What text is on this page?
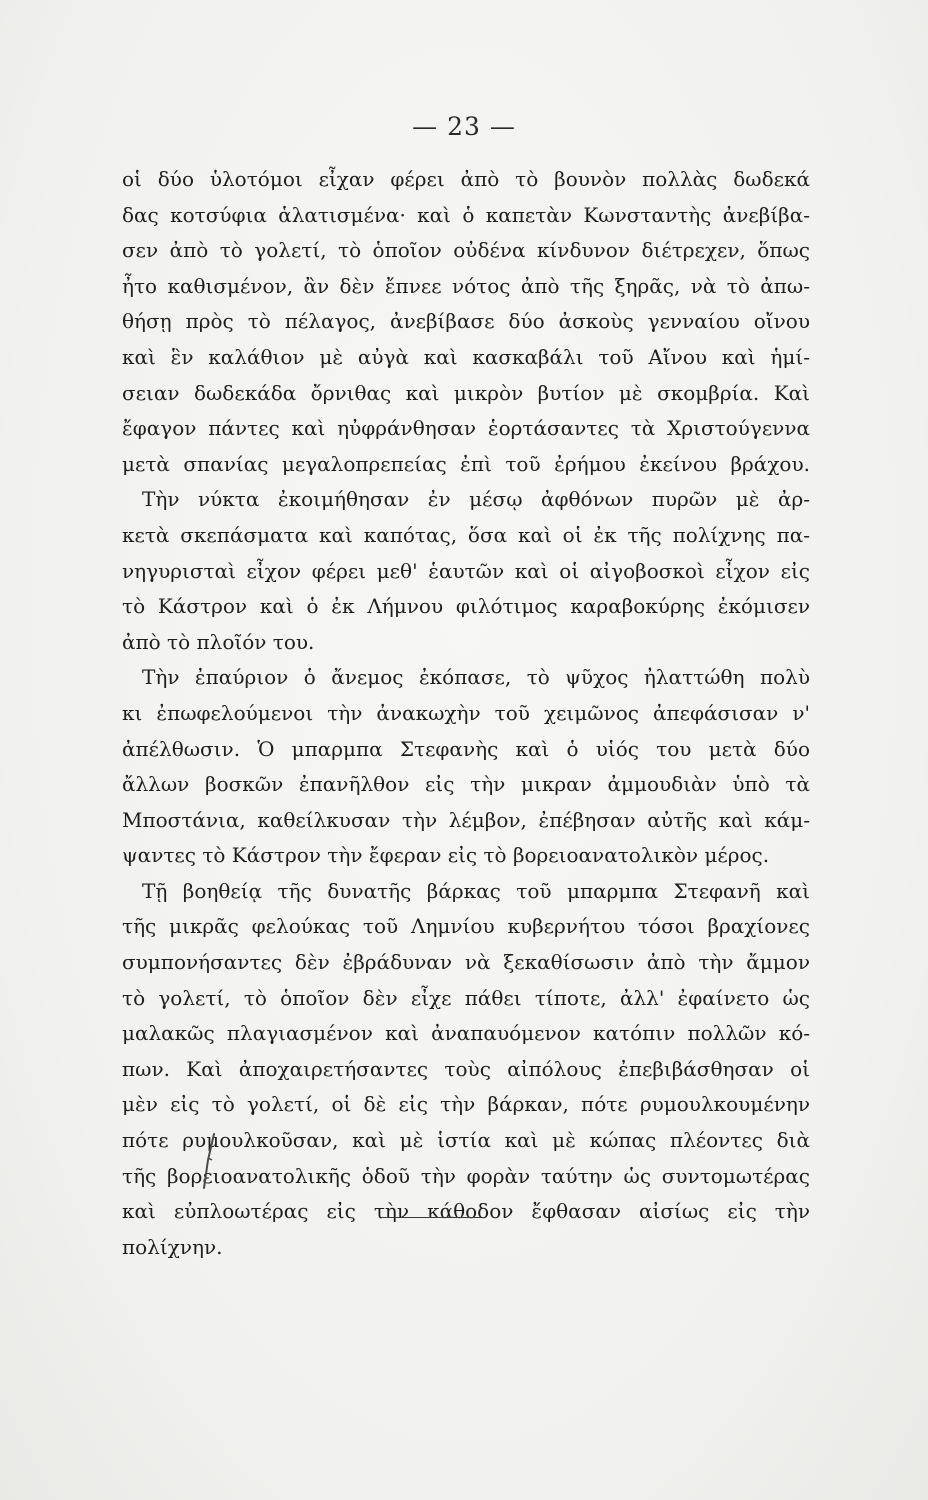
— 23 —
οἱ δύο ὑλοτόμοι εἶχαν φέρει ἀπὸ τὸ βουνὸν πολλὰς δωδεκά
δας κοτσύφια ἁλατισμένα· καὶ ὁ καπετὰν Κωνσταντὴς ἀνεβίβα-
σεν ἀπὸ τὸ γολετί, τὸ ὁποῖον οὐδένα κίνδυνον διέτρεχεν, ὅπως
ἦτο καθισμένον, ἂν δὲν ἔπνεε νότος ἀπὸ τῆς ξηρᾶς, νὰ τὸ ἀπω-
θήσῃ πρὸς τὸ πέλαγος, ἀνεβίβασε δύο ἀσκοὺς γενναίου οἴνου
καὶ ἓν καλάθιον μὲ αὐγὰ καὶ κασκαβάλι τοῦ Αἴνου καὶ ἡμί-
σειαν δωδεκάδα ὄρνιθας καὶ μικρὸν βυτίον μὲ σκομβρία. Καὶ
ἔφαγον πάντες καὶ ηὐφράνθησαν ἑορτάσαντες τὰ Χριστούγεννα
μετὰ σπανίας μεγαλοπρεπείας ἐπὶ τοῦ ἐρήμου ἐκείνου βράχου.
Τὴν νύκτα ἐκοιμήθησαν ἐν μέσῳ ἀφθόνων πυρῶν μὲ ἀρ-
κετὰ σκεπάσματα καὶ καπότας, ὅσα καὶ οἱ ἐκ τῆς πολίχνης πα-
νηγυρισταὶ εἶχον φέρει μεθ' ἑαυτῶν καὶ οἱ αἰγοβοσκοὶ εἶχον εἰς
τὸ Κάστρον καὶ ὁ ἐκ Λήμνου φιλότιμος καραβοκύρης ἐκόμισεν
ἀπὸ τὸ πλοῖόν του.
Τὴν ἐπαύριον ὁ ἄνεμος ἐκόπασε, τὸ ψῦχος ἠλαττώθη πολὺ
κι ἐπωφελούμενοι τὴν ἀνακωχὴν τοῦ χειμῶνος ἀπεφάσισαν ν'
ἀπέλθωσιν. Ὁ μπαρμπα Στεφανὴς καὶ ὁ υἱός του μετὰ δύο
ἄλλων βοσκῶν ἐπανῆλθον εἰς τὴν μικραν ἀμμουδιὰν ὑπὸ τὰ
Μποστάνια, καθείλκυσαν τὴν λέμβον, ἐπέβησαν αὐτῆς καὶ κάμ-
ψαντες τὸ Κάστρον τὴν ἔφεραν εἰς τὸ βορειοανατολικὸν μέρος.
Τῇ βοηθείᾳ τῆς δυνατῆς βάρκας τοῦ μπαρμπα Στεφανῆ καὶ
τῆς μικρᾶς φελούκας τοῦ Λημνίου κυβερνήτου τόσοι βραχίονες
συμπονήσαντες δὲν ἐβράδυναν νὰ ξεκαθίσωσιν ἀπὸ τὴν ἄμμον
τὸ γολετί, τὸ ὁποῖον δὲν εἶχε πάθει τίποτε, ἀλλ' ἐφαίνετο ὡς
μαλακῶς πλαγιασμένον καὶ ἀναπαυόμενον κατόπιν πολλῶν κό-
πων. Καὶ ἀποχαιρετήσαντες τοὺς αἰπόλους ἐπεβιβάσθησαν οἱ
μὲν εἰς τὸ γολετί, οἱ δὲ εἰς τὴν βάρκαν, πότε ρυμουλκουμένην
πότε ρυμουλκοῦσαν, καὶ μὲ ἱστία καὶ μὲ κώπας πλέοντες διὰ
τῆς βορειοανατολικῆς ὁδοῦ τὴν φορὰν ταύτην ὡς συντομωτέρας
καὶ εὐπλοωτέρας εἰς τὴν κάθοδον ἔφθασαν αἰσίως εἰς τὴν
πολίχνην.
